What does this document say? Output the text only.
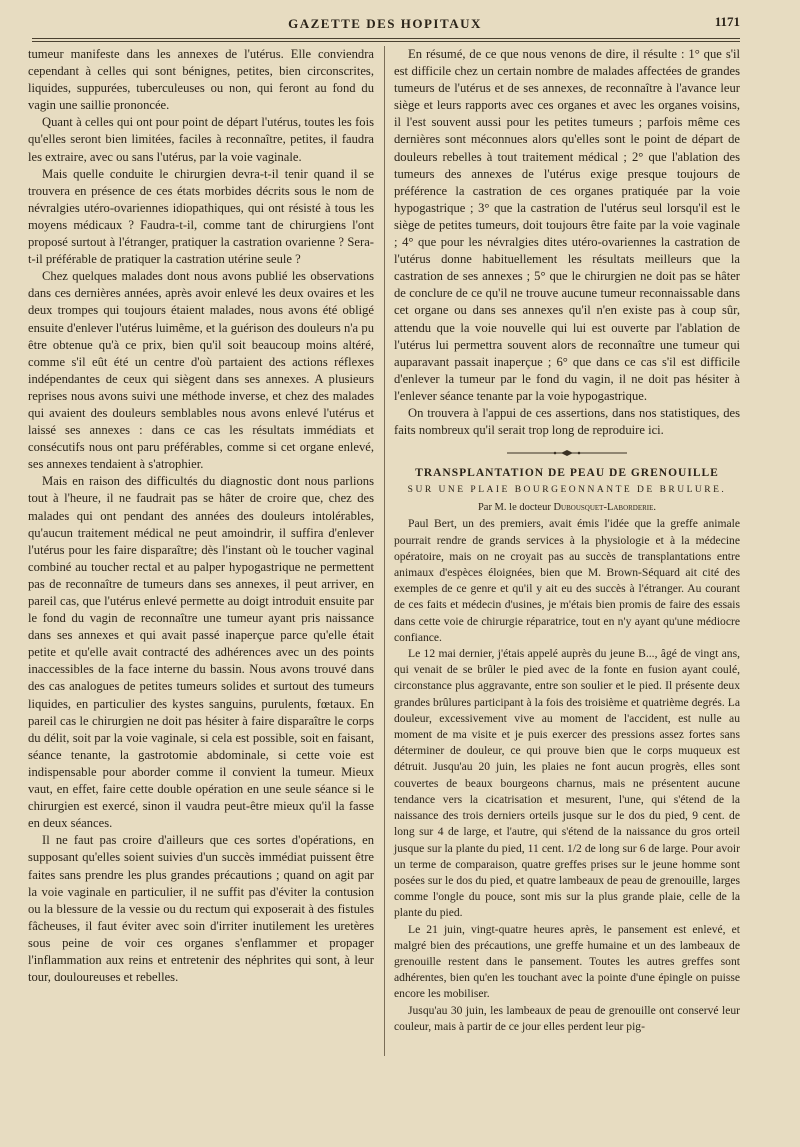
GAZETTE DES HOPITAUX	1171

tumeur manifeste dans les annexes de l'utérus. Elle conviendra cependant à celles qui sont bénignes, petites, bien circonscrites, liquides, suppurées, tuberculeuses ou non, qui feront au fond du vagin une saillie prononcée.

Quant à celles qui ont pour point de départ l'utérus, toutes les fois qu'elles seront bien limitées, faciles à reconnaître, petites, il faudra les extraire, avec ou sans l'utérus, par la voie vaginale.

Mais quelle conduite le chirurgien devra-t-il tenir quand il se trouvera en présence de ces états morbides décrits sous le nom de névralgies utéro-ovariennes idiopathiques, qui ont résisté à tous les moyens médicaux ? Faudra-t-il, comme tant de chirurgiens l'ont proposé surtout à l'étranger, pratiquer la castration ovarienne ? Sera-t-il préférable de pratiquer la castration utérine seule ?

Chez quelques malades dont nous avons publié les observations dans ces dernières années, après avoir enlevé les deux ovaires et les deux trompes qui toujours étaient malades, nous avons été obligé ensuite d'enlever l'utérus luimême, et la guérison des douleurs n'a pu être obtenue qu'à ce prix, bien qu'il soit beaucoup moins altéré, comme s'il eût été un centre d'où partaient des actions réflexes indépendantes de ceux qui siègent dans ses annexes. A plusieurs reprises nous avons suivi une méthode inverse, et chez des malades qui avaient des douleurs semblables nous avons enlevé l'utérus et laissé ses annexes : dans ce cas les résultats immédiats et consécutifs nous ont paru préférables, comme si cet organe enlevé, ses annexes tendaient à s'atrophier.

Mais en raison des difficultés du diagnostic dont nous parlions tout à l'heure, il ne faudrait pas se hâter de croire que, chez des malades qui ont pendant des années des douleurs intolérables, qu'aucun traitement médical ne peut amoindrir, il suffira d'enlever l'utérus pour les faire disparaître; dès l'instant où le toucher vaginal combiné au toucher rectal et au palper hypogastrique ne permettent pas de reconnaître de tumeurs dans ses annexes, il peut arriver, en pareil cas, que l'utérus enlevé permette au doigt introduit ensuite par le fond du vagin de reconnaître une tumeur ayant pris naissance dans ses annexes et qui avait passé inaperçue parce qu'elle était petite et qu'elle avait contracté des adhérences avec un des points inaccessibles de la face interne du bassin. Nous avons trouvé dans des cas analogues de petites tumeurs solides et surtout des tumeurs liquides, en particulier des kystes sanguins, purulents, fœtaux. En pareil cas le chirurgien ne doit pas hésiter à faire disparaître le corps du délit, soit par la voie vaginale, si cela est possible, soit en faisant, séance tenante, la gastrotomie abdominale, si cette voie est indispensable pour aborder comme il convient la tumeur. Mieux vaut, en effet, faire cette double opération en une seule séance si le chirurgien est exercé, sinon il vaudra peut-être mieux qu'il la fasse en deux séances.

Il ne faut pas croire d'ailleurs que ces sortes d'opérations, en supposant qu'elles soient suivies d'un succès immédiat puissent être faites sans prendre les plus grandes précautions ; quand on agit par la voie vaginale en particulier, il ne suffit pas d'éviter la contusion ou la blessure de la vessie ou du rectum qui exposerait à des fistules fâcheuses, il faut éviter avec soin d'irriter inutilement les uretères sous peine de voir ces organes s'enflammer et propager l'inflammation aux reins et entretenir des néphrites qui sont, à leur tour, douloureuses et rebelles.

En résumé, de ce que nous venons de dire, il résulte : 1° que s'il est difficile chez un certain nombre de malades affectées de grandes tumeurs de l'utérus et de ses annexes, de reconnaître à l'avance leur siège et leurs rapports avec ces organes et avec les organes voisins, il l'est souvent aussi pour les petites tumeurs ; parfois même ces dernières sont méconnues alors qu'elles sont le point de départ de douleurs rebelles à tout traitement médical ; 2° que l'ablation des tumeurs des annexes de l'utérus exige presque toujours de préférence la castration de ces organes pratiquée par la voie hypogastrique ; 3° que la castration de l'utérus seul lorsqu'il est le siège de petites tumeurs, doit toujours être faite par la voie vaginale ; 4° que pour les névralgies dites utéro-ovariennes la castration de l'utérus donne habituellement les résultats meilleurs que la castration de ses annexes ; 5° que le chirurgien ne doit pas se hâter de conclure de ce qu'il ne trouve aucune tumeur reconnaissable dans cet organe ou dans ses annexes qu'il n'en existe pas à coup sûr, attendu que la voie nouvelle qui lui est ouverte par l'ablation de l'utérus lui permettra souvent alors de reconnaître une tumeur qui auparavant passait inaperçue ; 6° que dans ce cas s'il est difficile d'enlever la tumeur par le fond du vagin, il ne doit pas hésiter à l'enlever séance tenante par la voie hypogastrique.

On trouvera à l'appui de ces assertions, dans nos statistiques, des faits nombreux qu'il serait trop long de reproduire ici.

TRANSPLANTATION DE PEAU DE GRENOUILLE

SUR UNE PLAIE BOURGEONNANTE DE BRULURE.

Par M. le docteur Dubousquet-Laborderie.

Paul Bert, un des premiers, avait émis l'idée que la greffe animale pourrait rendre de grands services à la physiologie et à la médecine opératoire, mais on ne croyait pas au succès de transplantations entre animaux d'espèces éloignées, bien que M. Brown-Séquard ait cité des exemples de ce genre et qu'il y ait eu des succès à l'étranger. Au courant de ces faits et médecin d'usines, je m'étais bien promis de faire des essais dans cette voie de chirurgie réparatrice, tout en n'y ayant qu'une médiocre confiance.

Le 12 mai dernier, j'étais appelé auprès du jeune B..., âgé de vingt ans, qui venait de se brûler le pied avec de la fonte en fusion ayant coulé, circonstance plus aggravante, entre son soulier et le pied. Il présente deux grandes brûlures participant à la fois des troisième et quatrième degrés. La douleur, excessivement vive au moment de l'accident, est nulle au moment de ma visite et je puis exercer des pressions assez fortes sans déterminer de douleur, ce qui prouve bien que le corps muqueux est détruit. Jusqu'au 20 juin, les plaies ne font aucun progrès, elles sont couvertes de beaux bourgeons charnus, mais ne présentent aucune tendance vers la cicatrisation et mesurent, l'une, qui s'étend de la naissance des trois derniers orteils jusque sur le dos du pied, 9 cent. de long sur 4 de large, et l'autre, qui s'étend de la naissance du gros orteil jusque sur la plante du pied, 11 cent. 1/2 de long sur 6 de large. Pour avoir un terme de comparaison, quatre greffes prises sur le jeune homme sont posées sur le dos du pied, et quatre lambeaux de peau de grenouille, larges comme l'ongle du pouce, sont mis sur la plus grande plaie, celle de la plante du pied.

Le 21 juin, vingt-quatre heures après, le pansement est enlevé, et malgré bien des précautions, une greffe humaine et un des lambeaux de grenouille restent dans le pansement. Toutes les autres greffes sont adhérentes, bien qu'en les touchant avec la pointe d'une épingle on puisse encore les mobiliser.

Jusqu'au 30 juin, les lambeaux de peau de grenouille ont conservé leur couleur, mais à partir de ce jour elles perdent leur pig-
